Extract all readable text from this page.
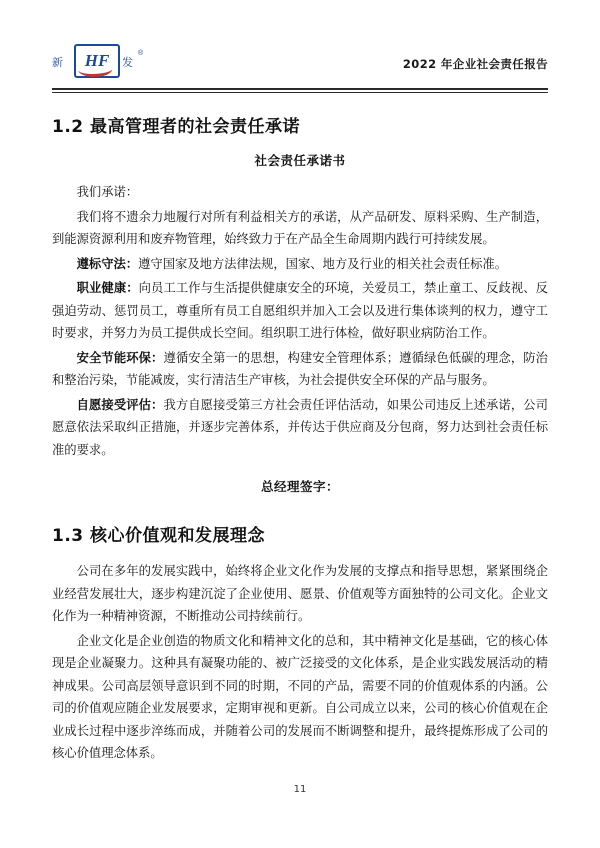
新	HF	发
®
2022 年企业社会责任报告
1.2 最高管理者的社会责任承诺
社会责任承诺书

我们承诺：

我们将不遗余力地履行对所有利益相关方的承诺，从产品研发、原料采购、生产制造，到能源资源利用和废弃物管理，始终致力于在产品全生命周期内践行可持续发展。

遵标守法：遵守国家及地方法律法规，国家、地方及行业的相关社会责任标准。

职业健康：向员工工作与生活提供健康安全的环境，关爱员工，禁止童工、反歧视、反强迫劳动、惩罚员工，尊重所有员工自愿组织并加入工会以及进行集体谈判的权力，遵守工时要求，并努力为员工提供成长空间。组织职工进行体检，做好职业病防治工作。

安全节能环保：遵循安全第一的思想，构建安全管理体系；遵循绿色低碳的理念，防治和整治污染，节能减废，实行清洁生产审核，为社会提供安全环保的产品与服务。

自愿接受评估：我方自愿接受第三方社会责任评估活动，如果公司违反上述承诺，公司愿意依法采取纠正措施，并逐步完善体系，并传达于供应商及分包商，努力达到社会责任标准的要求。

总经理签字：
1.3 核心价值观和发展理念

公司在多年的发展实践中，始终将企业文化作为发展的支撑点和指导思想，紧紧围绕企业经营发展壮大，逐步构建沉淀了企业使用、愿景、价值观等方面独特的公司文化。企业文化作为一种精神资源，不断推动公司持续前行。

企业文化是企业创造的物质文化和精神文化的总和，其中精神文化是基础，它的核心体现是企业凝聚力。这种具有凝聚功能的、被广泛接受的文化体系，是企业实践发展活动的精神成果。公司高层领导意识到不同的时期，不同的产品，需要不同的价值观体系的内涵。公司的价值观应随企业发展要求，定期审视和更新。自公司成立以来，公司的核心价值观在企业成长过程中逐步淬练而成，并随着公司的发展而不断调整和提升，最终提炼形成了公司的核心价值理念体系。

11
